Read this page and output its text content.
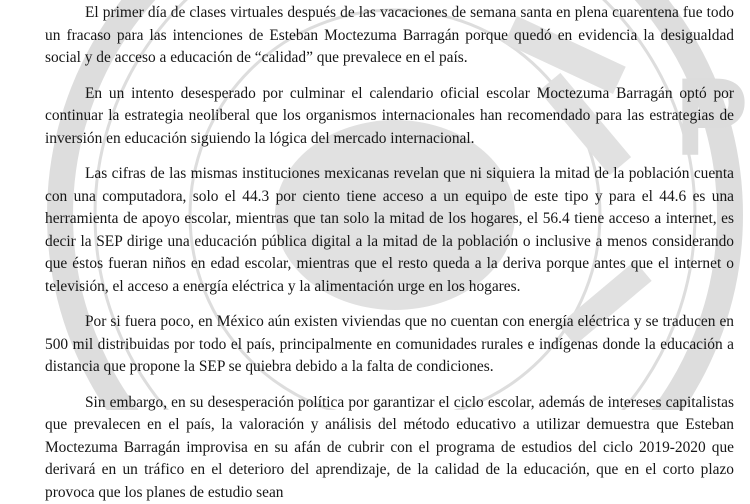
P

El primer día de clases virtuales después de las vacaciones de semana santa en plena cuarentena fue todo un fracaso para las intenciones de Esteban Moctezuma Barragán porque quedó en evidencia la desigualdad social y de acceso a educación de “calidad” que prevalece en el país.

En un intento desesperado por culminar el calendario oficial escolar Moctezuma Barragán optó por continuar la estrategia neoliberal que los organismos internacionales han recomendado para las estrategias de inversión en educación siguiendo la lógica del mercado internacional.

Las cifras de las mismas instituciones mexicanas revelan que ni siquiera la mitad de la población cuenta con una computadora, solo el 44.3 por ciento tiene acceso a un equipo de este tipo y para el 44.6 es una herramienta de apoyo escolar, mientras que tan solo la mitad de los hogares, el 56.4 tiene acceso a internet, es decir la SEP dirige una educación pública digital a la mitad de la población o inclusive a menos considerando que éstos fueran niños en edad escolar, mientras que el resto queda a la deriva porque antes que el internet o televisión, el acceso a energía eléctrica y la alimentación urge en los hogares.

Por si fuera poco, en México aún existen viviendas que no cuentan con energía eléctrica y se traducen en 500 mil distribuidas por todo el país, principalmente en comunidades rurales e indígenas donde la educación a distancia que propone la SEP se quiebra debido a la falta de condiciones.

Sin embargo, en su desesperación política por garantizar el ciclo escolar, además de intereses capitalistas que prevalecen en el país, la valoración y análisis del método educativo a utilizar demuestra que Esteban Moctezuma Barragán improvisa en su afán de cubrir con el programa de estudios del ciclo 2019-2020 que derivará en un tráfico en el deterioro del aprendizaje, de la calidad de la educación, que en el corto plazo provoca que los planes de estudio sean
